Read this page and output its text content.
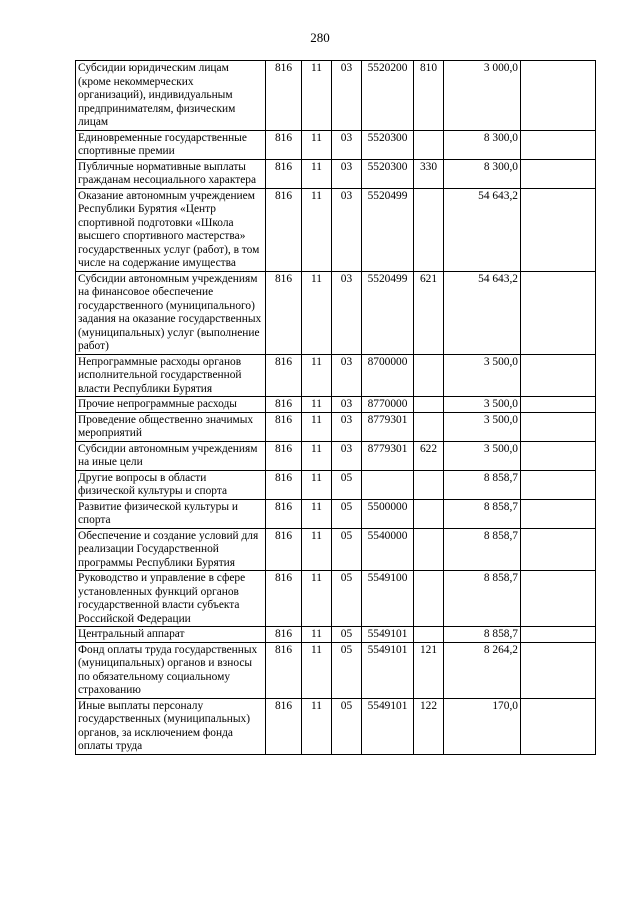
280
Субсидии юридическим лицам (кроме некоммерческих организаций), индивидуальным предпринимателям, физическим лицам	816	11	03	5520200	810	3 000,0	
Единовременные государственные спортивные премии	816	11	03	5520300		8 300,0	
Публичные нормативные выплаты гражданам несоциального характера	816	11	03	5520300	330	8 300,0	
Оказание автономным учреждением Республики Бурятия «Центр спортивной подготовки «Школа высшего спортивного мастерства» государственных услуг (работ), в том числе на содержание имущества	816	11	03	5520499		54 643,2	
Субсидии автономным учреждениям на финансовое обеспечение государственного (муниципального) задания на оказание государственных (муниципальных) услуг (выполнение работ)	816	11	03	5520499	621	54 643,2	
Непрограммные расходы органов исполнительной государственной власти Республики Бурятия	816	11	03	8700000		3 500,0	
Прочие непрограммные расходы	816	11	03	8770000		3 500,0	
Проведение общественно значимых мероприятий	816	11	03	8779301		3 500,0	
Субсидии автономным учреждениям на иные цели	816	11	03	8779301	622	3 500,0	
Другие вопросы в области физической культуры и спорта	816	11	05			8 858,7	
Развитие физической культуры и спорта	816	11	05	5500000		8 858,7	
Обеспечение и создание условий для реализации Государственной программы Республики Бурятия	816	11	05	5540000		8 858,7	
Руководство и управление в сфере установленных функций органов государственной власти субъекта Российской Федерации	816	11	05	5549100		8 858,7	
Центральный аппарат	816	11	05	5549101		8 858,7	
Фонд оплаты труда государственных (муниципальных) органов и взносы по обязательному социальному страхованию	816	11	05	5549101	121	8 264,2	
Иные выплаты персоналу государственных (муниципальных) органов, за исключением фонда оплаты труда	816	11	05	5549101	122	170,0	
